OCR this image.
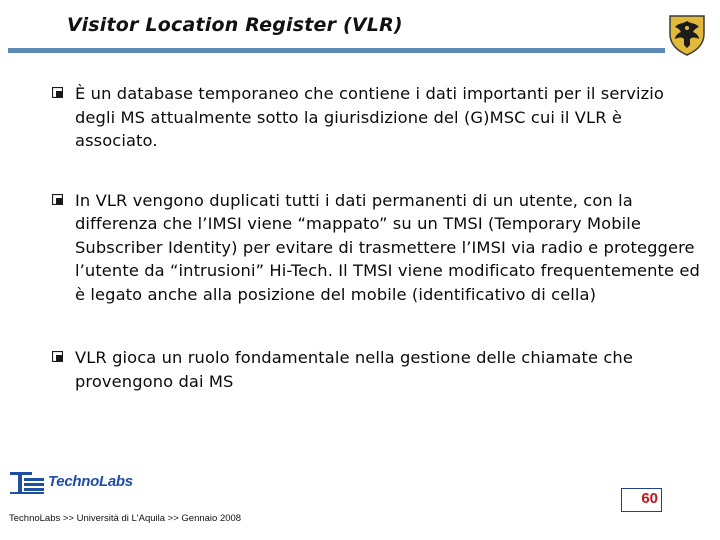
Visitor Location Register (VLR)
È un database temporaneo che contiene i dati importanti per il servizio degli MS attualmente sotto la giurisdizione del (G)MSC cui il VLR è associato.
In VLR vengono duplicati tutti i dati permanenti di un utente, con la differenza che l’IMSI viene “mappato” su un TMSI (Temporary Mobile Subscriber Identity) per evitare di trasmettere l’IMSI via radio e proteggere l’utente da “intrusioni” Hi-Tech. Il TMSI viene modificato frequentemente ed è legato anche alla posizione del mobile (identificativo di cella)
VLR gioca un ruolo fondamentale nella gestione delle chiamate che provengono dai MS
TechnoLabs
TechnoLabs >> Università di L'Aquila >> Gennaio 2008
60
